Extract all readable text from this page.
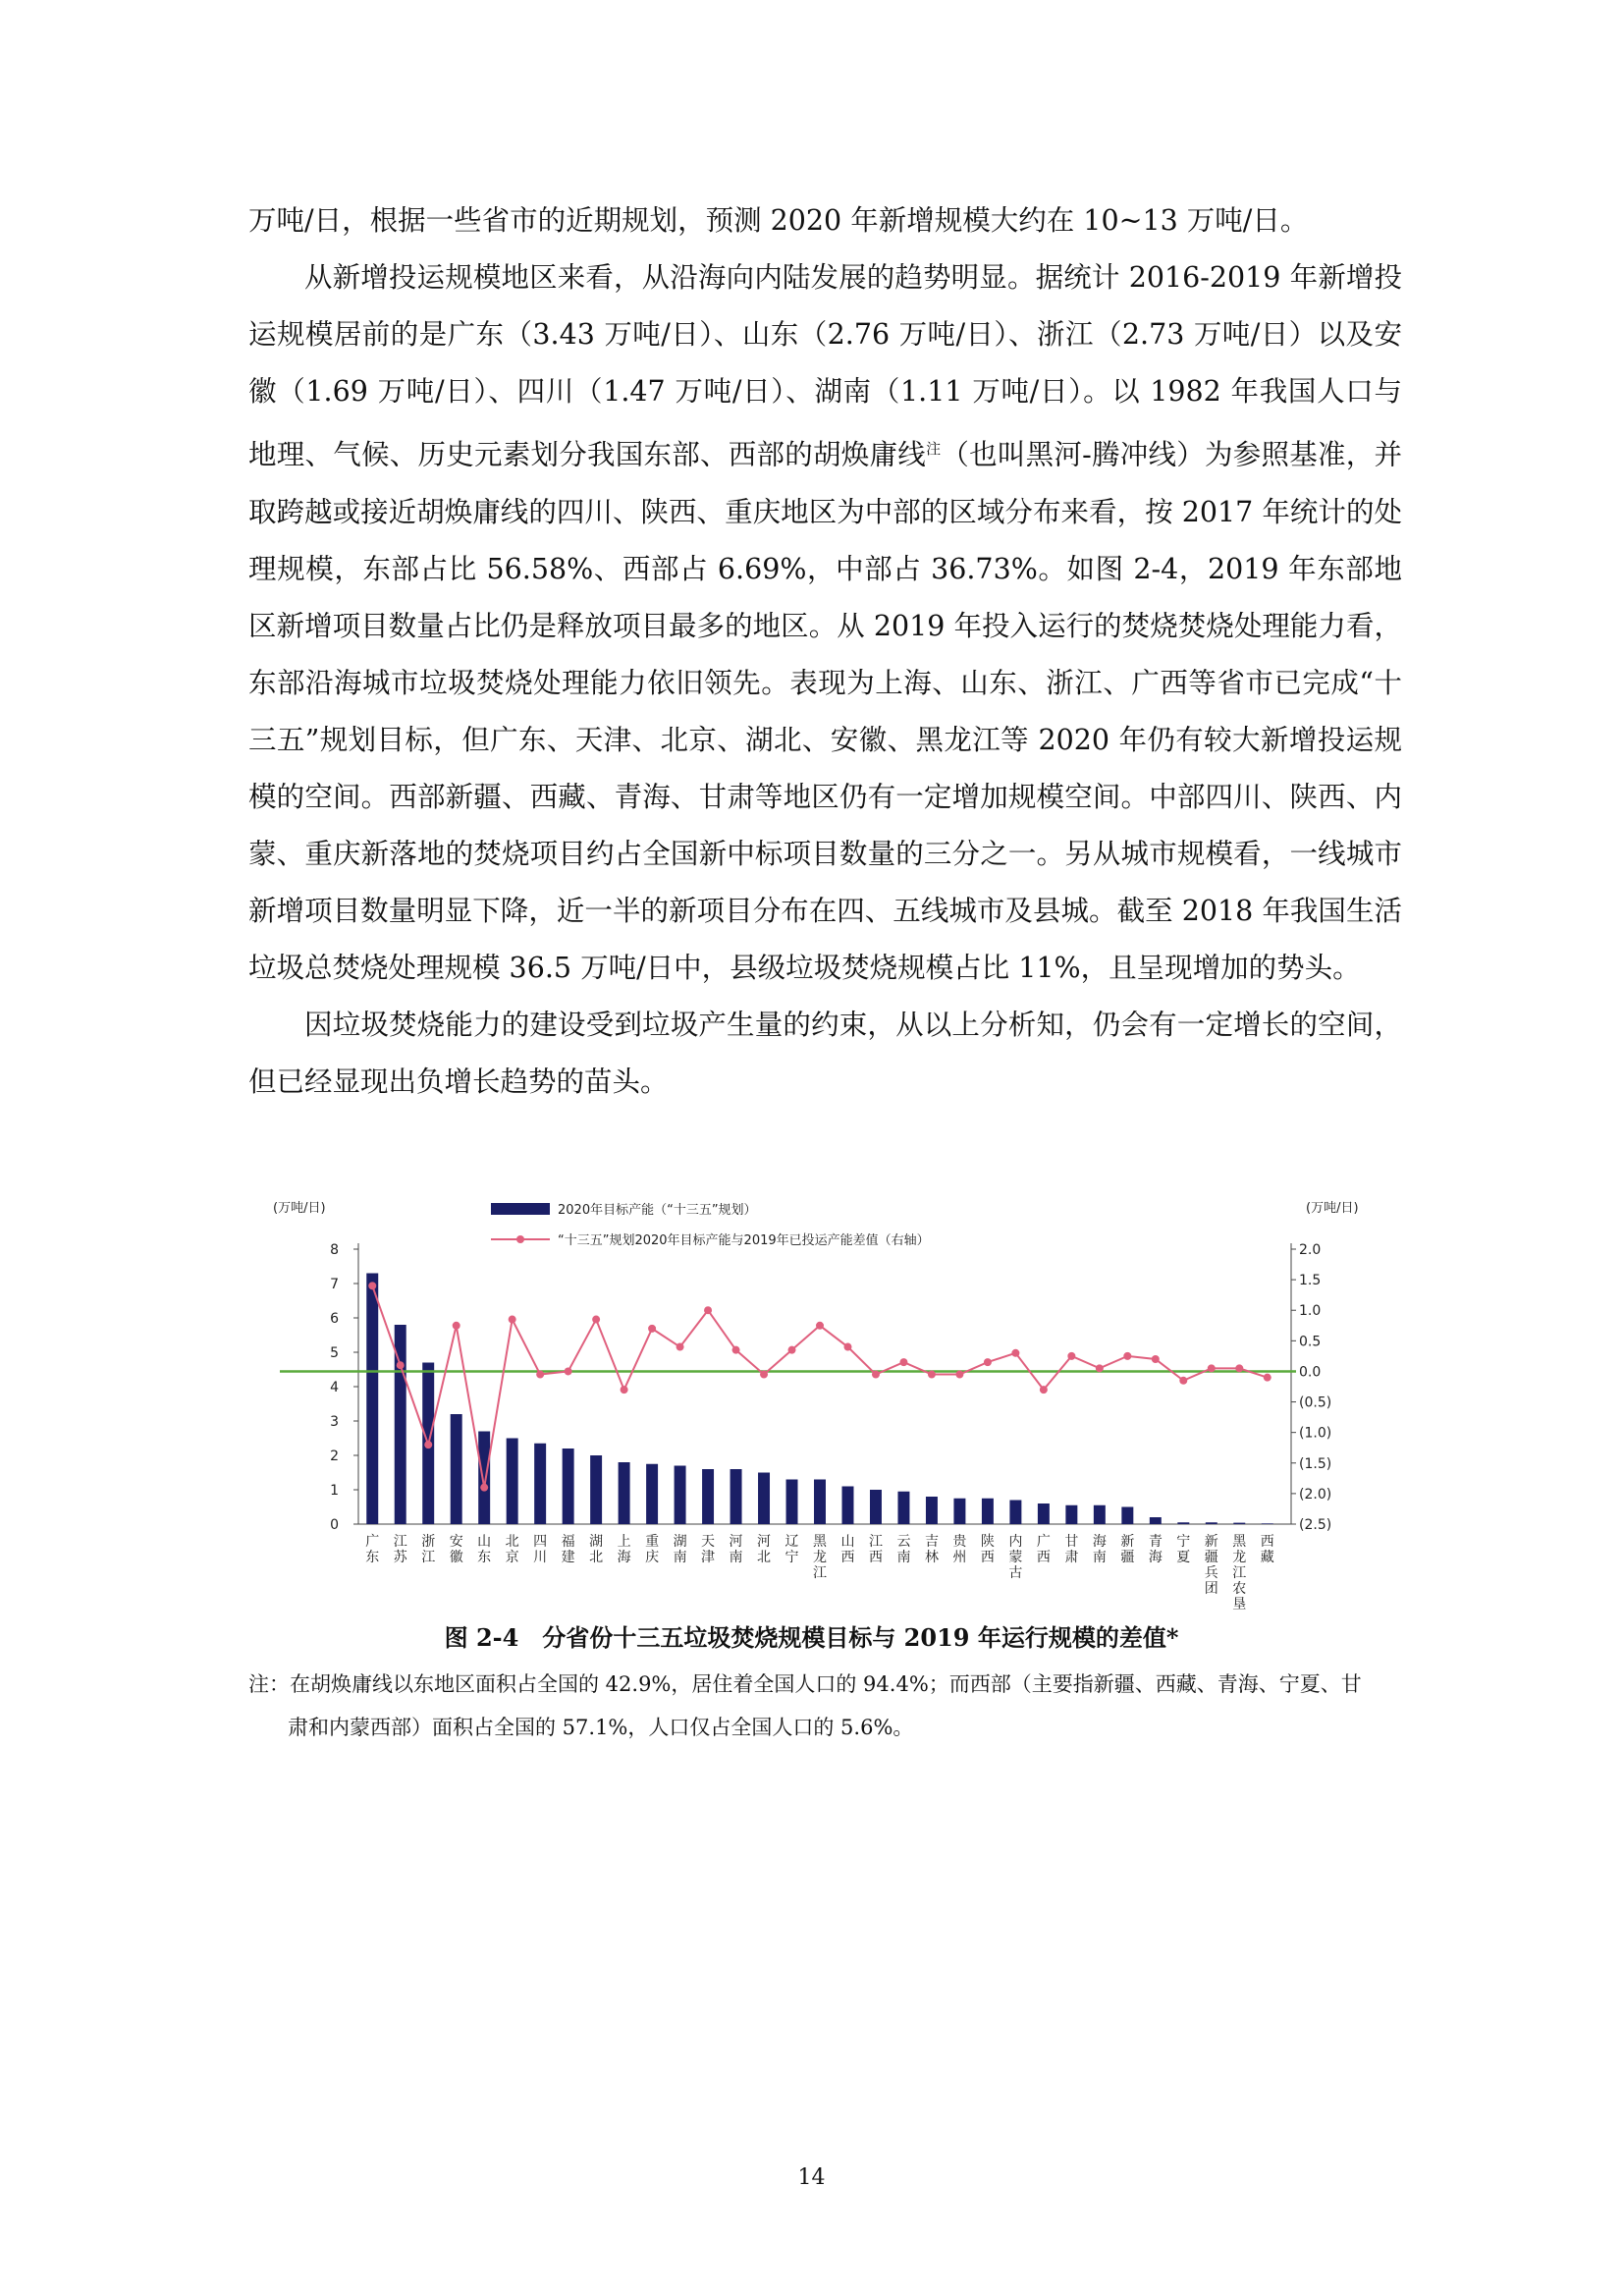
万吨/日，根据一些省市的近期规划，预测 2020 年新增规模大约在 10~13 万吨/日。

从新增投运规模地区来看，从沿海向内陆发展的趋势明显。据统计 2016-2019 年新增投运规模居前的是广东（3.43 万吨/日）、山东（2.76 万吨/日）、浙江（2.73 万吨/日）以及安徽（1.69 万吨/日）、四川（1.47 万吨/日）、湖南（1.11 万吨/日）。以 1982 年我国人口与地理、气候、历史元素划分我国东部、西部的胡焕庸线$^注$（也叫黑河-腾冲线）为参照基准，并取跨越或接近胡焕庸线的四川、陕西、重庆地区为中部的区域分布来看，按 2017 年统计的处理规模，东部占比 56.58%、西部占 6.69%，中部占 36.73%。如图 2-4，2019 年东部地区新增项目数量占比仍是释放项目最多的地区。从 2019 年投入运行的焚烧焚烧处理能力看，东部沿海城市垃圾焚烧处理能力依旧领先。表现为上海、山东、浙江、广西等省市已完成“十三五”规划目标，但广东、天津、北京、湖北、安徽、黑龙江等 2020 年仍有较大新增投运规模的空间。西部新疆、西藏、青海、甘肃等地区仍有一定增加规模空间。中部四川、陕西、内蒙、重庆新落地的焚烧项目约占全国新中标项目数量的三分之一。另从城市规模看，一线城市新增项目数量明显下降，近一半的新项目分布在四、五线城市及县城。截至 2018 年我国生活垃圾总焚烧处理规模 36.5 万吨/日中，县级垃圾焚烧规模占比 11%，且呈现增加的势头。

因垃圾焚烧能力的建设受到垃圾产生量的约束，从以上分析知，仍会有一定增长的空间，但已经显现出负增长趋势的苗头。

(万吨/日)	(万吨/日)
0
1
2
3
4
5
6
7
8
(2.5)
(2.0)
(1.5)
(1.0)
(0.5)
0.0
0.5
1.0
1.5
2.0
广东
江苏
浙江
安徽
山东
北京
四川
福建
湖北
上海
重庆
湖南
天津
河南
河北
辽宁
黑龙江
山西
江西
云南
吉林
贵州
陕西
内蒙古
广西
甘肃
海南
新疆
青海
宁夏
新疆兵团
黑龙江农垦
西藏
2020年目标产能（“十三五”规划）
“十三五”规划2020年目标产能与2019年已投运产能差值（右轴）
图 2-4　分省份十三五垃圾焚烧规模目标与 2019 年运行规模的差值*

注：在胡焕庸线以东地区面积占全国的 42.9%，居住着全国人口的 94.4%；而西部（主要指新疆、西藏、青海、宁夏、甘

肃和内蒙西部）面积占全国的 57.1%，人口仅占全国人口的 5.6%。

14
